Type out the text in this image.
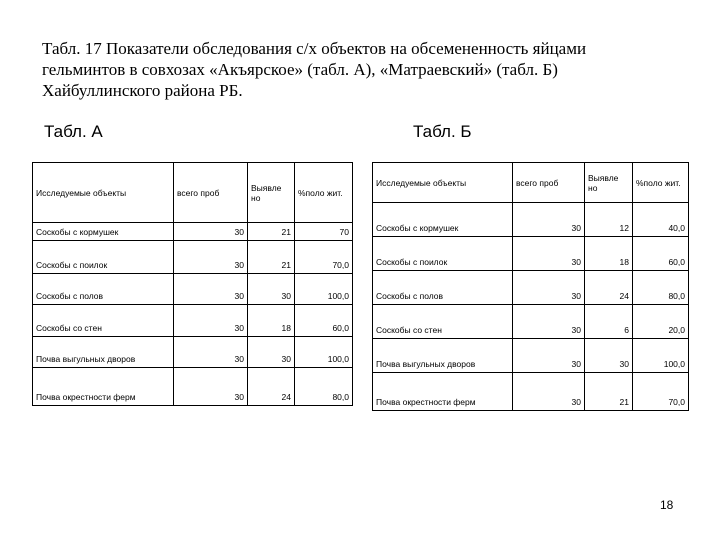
Табл. 17 Показатели обследования с/х объектов на обсемененность яйцами
гельминтов в совхозах «Акъярское» (табл. А), «Матраевский» (табл. Б)
Хайбуллинского района РБ.
Табл. А	Табл. Б
Исследуемые объекты	всего проб	Выявле но	%поло жит.
Соскобы с кормушек	30	21	70
Соскобы с поилок	30	21	70,0
Соскобы с полов	30	30	100,0
Соскобы со стен	30	18	60,0
Почва выгульных дворов	30	30	100,0
Почва окрестности ферм	30	24	80,0
Исследуемые объекты	всего проб	Выявле но	%поло жит.
Соскобы с кормушек	30	12	40,0
Соскобы с поилок	30	18	60,0
Соскобы с полов	30	24	80,0
Соскобы со стен	30	6	20,0
Почва выгульных дворов	30	30	100,0
Почва окрестности ферм	30	21	70,0
18
